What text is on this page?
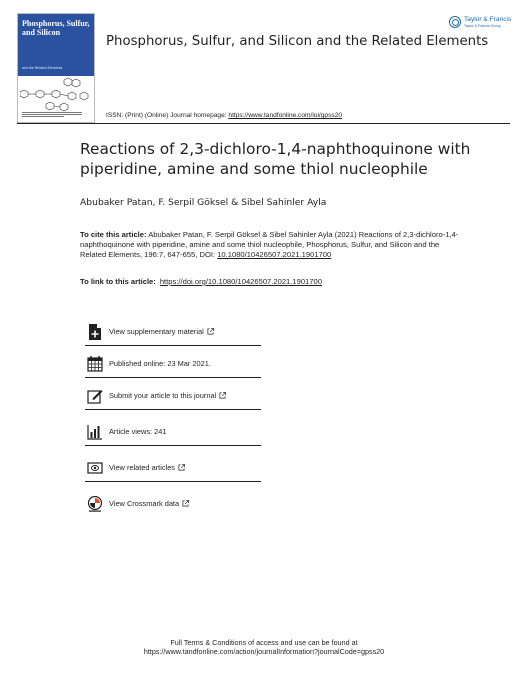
Phosphorus, Sulfur, and Silicon
and the Related Elements
Phosphorus, Sulfur, and Silicon and the Related Elements
Taylor & Francis
Taylor & Francis Group
ISSN: (Print) (Online) Journal homepage: https://www.tandfonline.com/loi/gpss20
Reactions of 2,3-dichloro-1,4-naphthoquinone with piperidine, amine and some thiol nucleophile
Abubaker Patan, F. Serpil Göksel & Sibel Sahinler Ayla
To cite this article: Abubaker Patan, F. Serpil Göksel & Sibel Sahinler Ayla (2021) Reactions of 2,3-dichloro-1,4-naphthoquinone with piperidine, amine and some thiol nucleophile, Phosphorus, Sulfur, and Silicon and the Related Elements, 196:7, 647-655, DOI: 10.1080/10426507.2021.1901700
To link to this article: https://doi.org/10.1080/10426507.2021.1901700
View supplementary material
Published online: 23 Mar 2021.
Submit your article to this journal
Article views: 241
View related articles
View Crossmark data
Full Terms & Conditions of access and use can be found at
https://www.tandfonline.com/action/journalInformation?journalCode=gpss20
